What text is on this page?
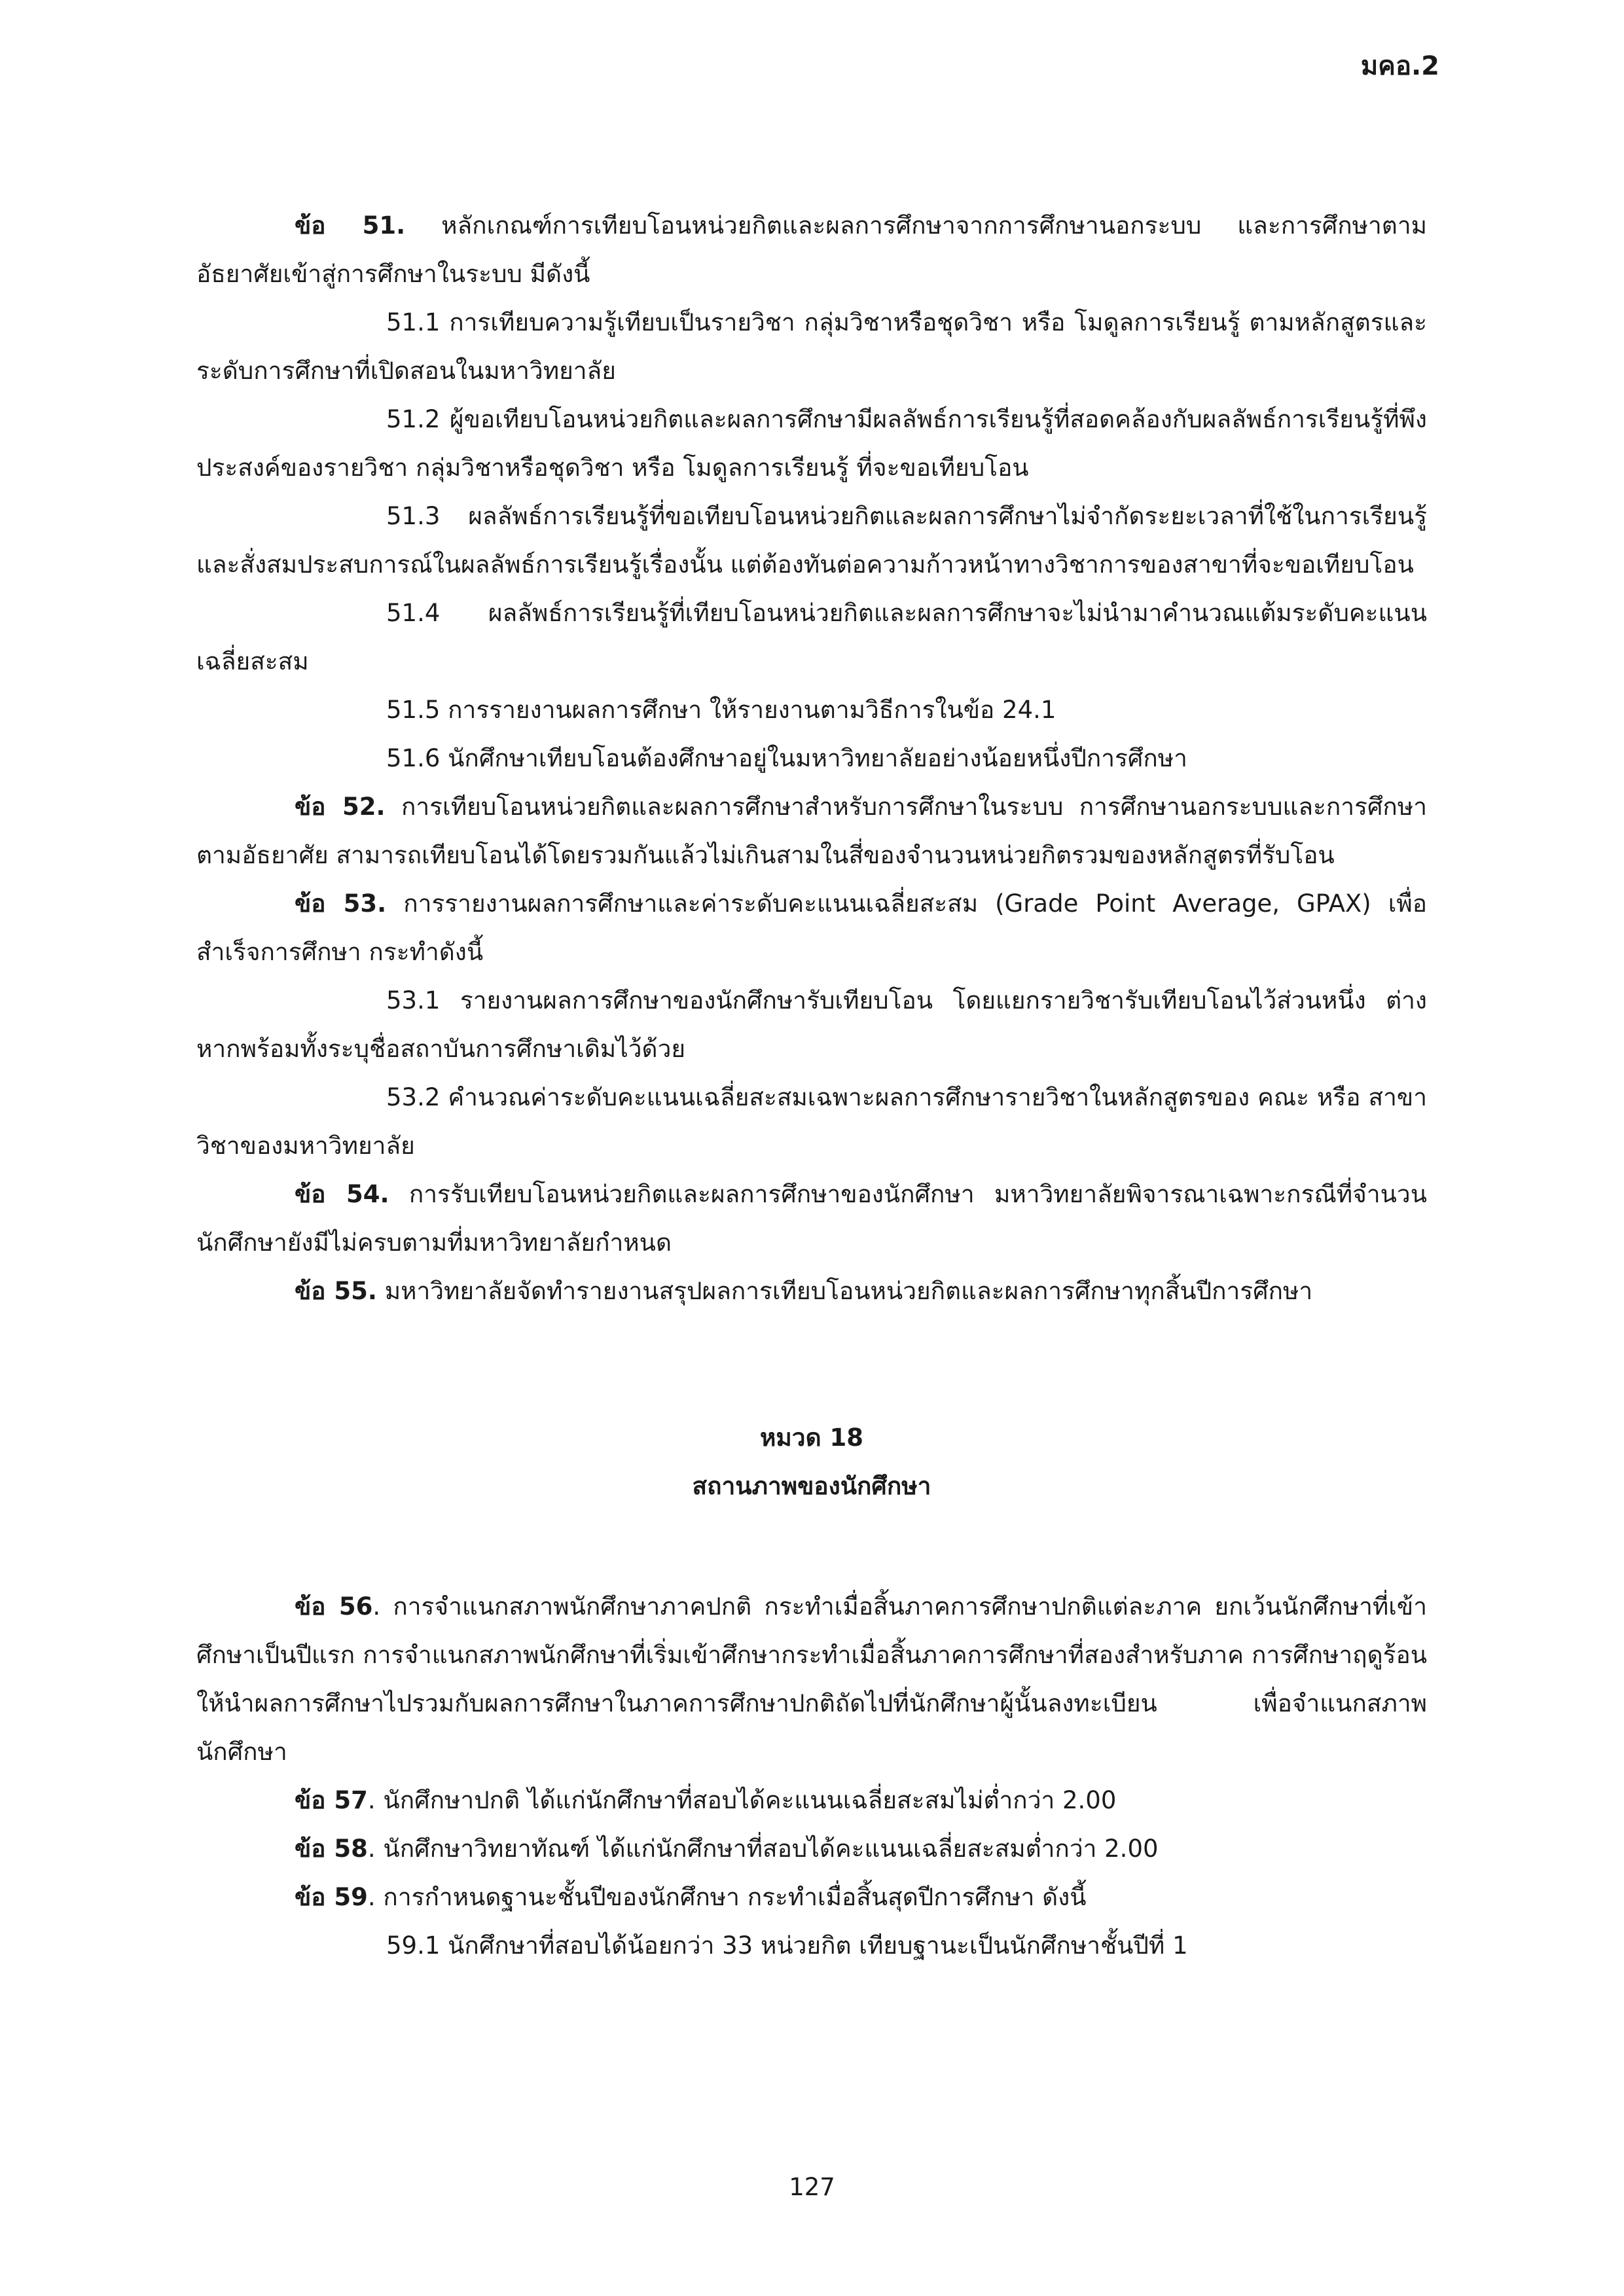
มคอ.2

ข้อ 51. หลักเกณฑ์การเทียบโอนหน่วยกิตและผลการศึกษาจากการศึกษานอกระบบ และการศึกษาตามอัธยาศัยเข้าสู่การศึกษาในระบบ มีดังนี้

51.1 การเทียบความรู้เทียบเป็นรายวิชา กลุ่มวิชาหรือชุดวิชา หรือ โมดูลการเรียนรู้ ตามหลักสูตรและระดับการศึกษาที่เปิดสอนในมหาวิทยาลัย

51.2 ผู้ขอเทียบโอนหน่วยกิตและผลการศึกษามีผลลัพธ์การเรียนรู้ที่สอดคล้องกับผลลัพธ์การเรียนรู้ที่พึงประสงค์ของรายวิชา กลุ่มวิชาหรือชุดวิชา หรือ โมดูลการเรียนรู้ ที่จะขอเทียบโอน

51.3 ผลลัพธ์การเรียนรู้ที่ขอเทียบโอนหน่วยกิตและผลการศึกษาไม่จำกัดระยะเวลาที่ใช้ในการเรียนรู้ และสั่งสมประสบการณ์ในผลลัพธ์การเรียนรู้เรื่องนั้น แต่ต้องทันต่อความก้าวหน้าทางวิชาการของสาขาที่จะขอเทียบโอน

51.4 ผลลัพธ์การเรียนรู้ที่เทียบโอนหน่วยกิตและผลการศึกษาจะไม่นำมาคำนวณแต้มระดับคะแนนเฉลี่ยสะสม

51.5 การรายงานผลการศึกษา ให้รายงานตามวิธีการในข้อ 24.1

51.6 นักศึกษาเทียบโอนต้องศึกษาอยู่ในมหาวิทยาลัยอย่างน้อยหนึ่งปีการศึกษา

ข้อ 52. การเทียบโอนหน่วยกิตและผลการศึกษาสำหรับการศึกษาในระบบ การศึกษานอกระบบและการศึกษาตามอัธยาศัย สามารถเทียบโอนได้โดยรวมกันแล้วไม่เกินสามในสี่ของจำนวนหน่วยกิตรวมของหลักสูตรที่รับโอน

ข้อ 53. การรายงานผลการศึกษาและค่าระดับคะแนนเฉลี่ยสะสม (Grade Point Average, GPAX) เพื่อ สำเร็จการศึกษา กระทำดังนี้

53.1 รายงานผลการศึกษาของนักศึกษารับเทียบโอน โดยแยกรายวิชารับเทียบโอนไว้ส่วนหนึ่ง ต่างหากพร้อมทั้งระบุชื่อสถาบันการศึกษาเดิมไว้ด้วย

53.2 คำนวณค่าระดับคะแนนเฉลี่ยสะสมเฉพาะผลการศึกษารายวิชาในหลักสูตรของ คณะ หรือ สาขาวิชาของมหาวิทยาลัย

ข้อ 54. การรับเทียบโอนหน่วยกิตและผลการศึกษาของนักศึกษา มหาวิทยาลัยพิจารณาเฉพาะกรณีที่จำนวนนักศึกษายังมีไม่ครบตามที่มหาวิทยาลัยกำหนด

ข้อ 55. มหาวิทยาลัยจัดทำรายงานสรุปผลการเทียบโอนหน่วยกิตและผลการศึกษาทุกสิ้นปีการศึกษา

หมวด 18

สถานภาพของนักศึกษา

ข้อ 56. การจำแนกสภาพนักศึกษาภาคปกติ กระทำเมื่อสิ้นภาคการศึกษาปกติแต่ละภาค ยกเว้นนักศึกษาที่เข้าศึกษาเป็นปีแรก การจำแนกสภาพนักศึกษาที่เริ่มเข้าศึกษากระทำเมื่อสิ้นภาคการศึกษาที่สองสำหรับภาค การศึกษาฤดูร้อน ให้นำผลการศึกษาไปรวมกับผลการศึกษาในภาคการศึกษาปกติถัดไปที่นักศึกษาผู้นั้นลงทะเบียน เพื่อจำแนกสภาพนักศึกษา

ข้อ 57. นักศึกษาปกติ ได้แก่นักศึกษาที่สอบได้คะแนนเฉลี่ยสะสมไม่ต่ำกว่า 2.00

ข้อ 58. นักศึกษาวิทยาทัณฑ์ ได้แก่นักศึกษาที่สอบได้คะแนนเฉลี่ยสะสมต่ำกว่า 2.00

ข้อ 59. การกำหนดฐานะชั้นปีของนักศึกษา กระทำเมื่อสิ้นสุดปีการศึกษา ดังนี้

59.1 นักศึกษาที่สอบได้น้อยกว่า 33 หน่วยกิต เทียบฐานะเป็นนักศึกษาชั้นปีที่ 1

127
